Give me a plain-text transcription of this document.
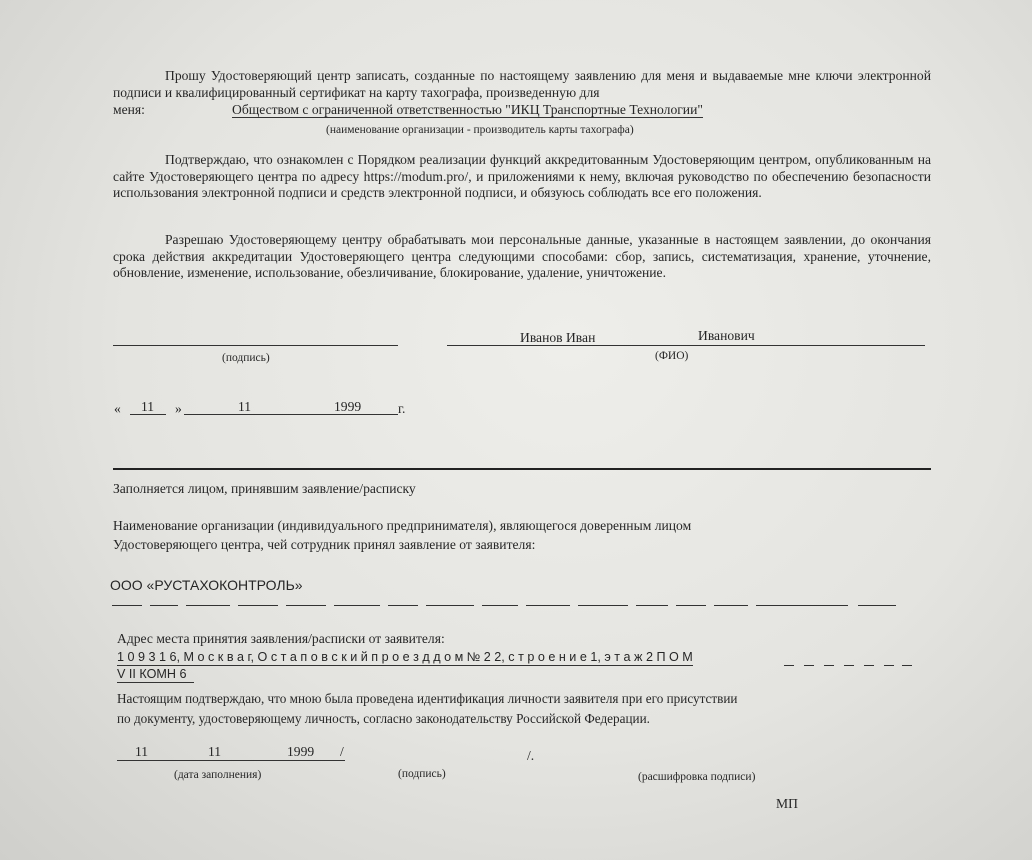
Прошу Удостоверяющий центр записать, созданные по настоящему заявлению для меня и выдаваемые мне ключи электронной подписи и квалифицированный сертификат на карту тахографа, произведенную для
меня:	Обществом с ограниченной ответственностью "ИКЦ Транспортные Технологии"
(наименование организации - производитель карты тахографа)
Подтверждаю, что ознакомлен с Порядком реализации функций аккредитованным Удостоверяющим центром, опубликованным на сайте Удостоверяющего центра по адресу https://modum.pro/, и приложениями к нему, включая руководство по обеспечению безопасности использования электронной подписи и средств электронной подписи, и обязуюсь соблюдать все его положения.
Разрешаю Удостоверяющему центру обрабатывать мои персональные данные, указанные в настоящем заявлении, до окончания срока действия аккредитации Удостоверяющего центра следующими способами: сбор, запись, систематизация, хранение, уточнение, обновление, изменение, использование, обезличивание, блокирование, удаление, уничтожение.
(подпись)
Иванов Иван	Иванович
(ФИО)
« 11 »	11	1999	г.
Заполняется лицом, принявшим заявление/расписку
Наименование организации (индивидуального предпринимателя), являющегося доверенным лицом
Удостоверяющего центра, чей сотрудник принял заявление от заявителя:
ООО «РУСТАХОКОНТРОЛЬ»
Адрес места принятия заявления/расписки от заявителя:
1 0 9 3 1 6, М о с к в а г, О с т а п о в с к и й п р о е з д д о м № 2 2, с т р о е н и е 1, э т а ж 2 П О М
V II КОМН 6
Настоящим подтверждаю, что мною была проведена идентификация личности заявителя при его присутствии
по документу, удостоверяющему личность, согласно законодательству Российской Федерации.
11	11	1999 /	/.
(дата заполнения)	(подпись)	(расшифровка подписи)
МП
